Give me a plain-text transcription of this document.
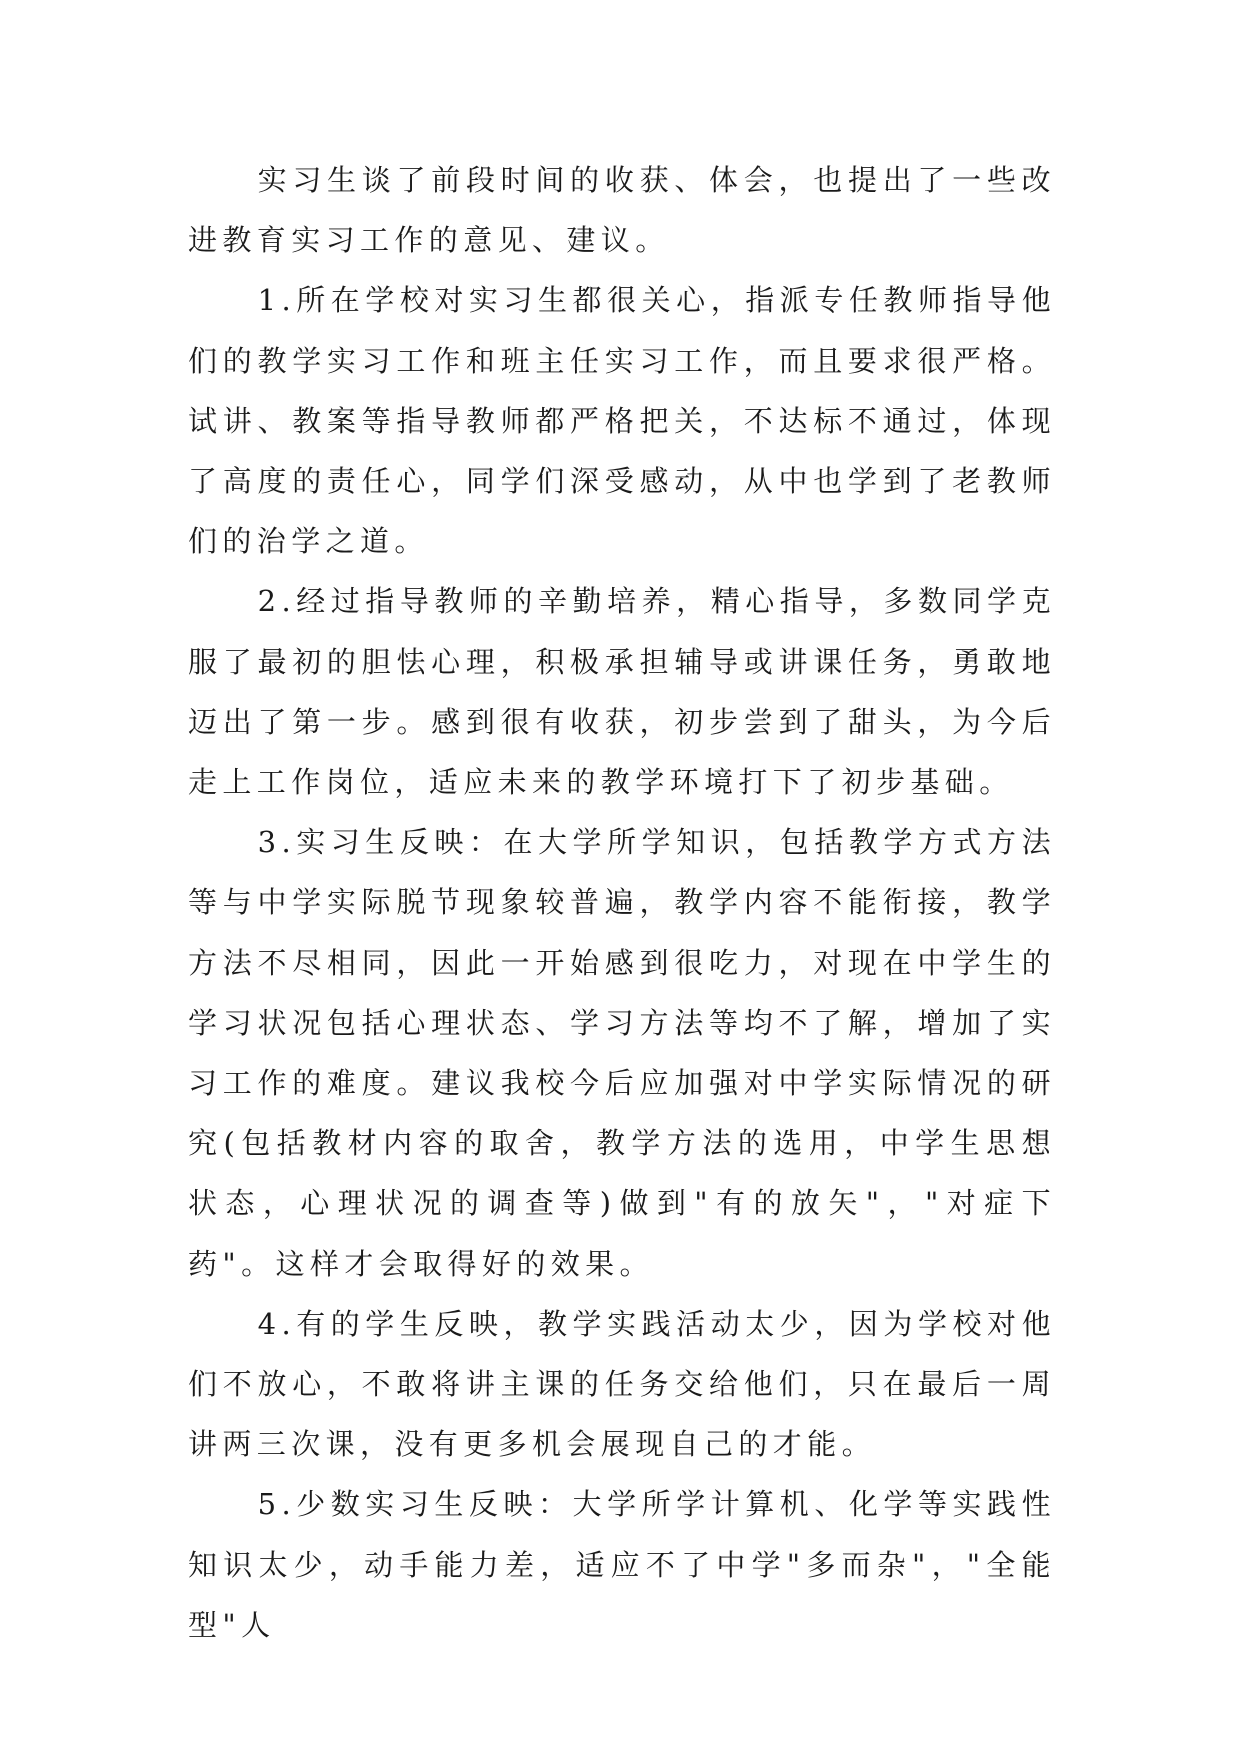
实习生谈了前段时间的收获、体会，也提出了一些改进教育实习工作的意见、建议。

1.所在学校对实习生都很关心，指派专任教师指导他们的教学实习工作和班主任实习工作，而且要求很严格。试讲、教案等指导教师都严格把关，不达标不通过，体现了高度的责任心，同学们深受感动，从中也学到了老教师们的治学之道。

2.经过指导教师的辛勤培养，精心指导，多数同学克服了最初的胆怯心理，积极承担辅导或讲课任务，勇敢地迈出了第一步。感到很有收获，初步尝到了甜头，为今后走上工作岗位，适应未来的教学环境打下了初步基础。

3.实习生反映：在大学所学知识，包括教学方式方法等与中学实际脱节现象较普遍，教学内容不能衔接，教学方法不尽相同，因此一开始感到很吃力，对现在中学生的学习状况包括心理状态、学习方法等均不了解，增加了实习工作的难度。建议我校今后应加强对中学实际情况的研究(包括教材内容的取舍，教学方法的选用，中学生思想状态，心理状况的调查等)做到"有的放矢"，"对症下药"。这样才会取得好的效果。

4.有的学生反映，教学实践活动太少，因为学校对他们不放心，不敢将讲主课的任务交给他们，只在最后一周讲两三次课，没有更多机会展现自己的才能。

5.少数实习生反映：大学所学计算机、化学等实践性知识太少，动手能力差，适应不了中学"多而杂"，"全能型"人
